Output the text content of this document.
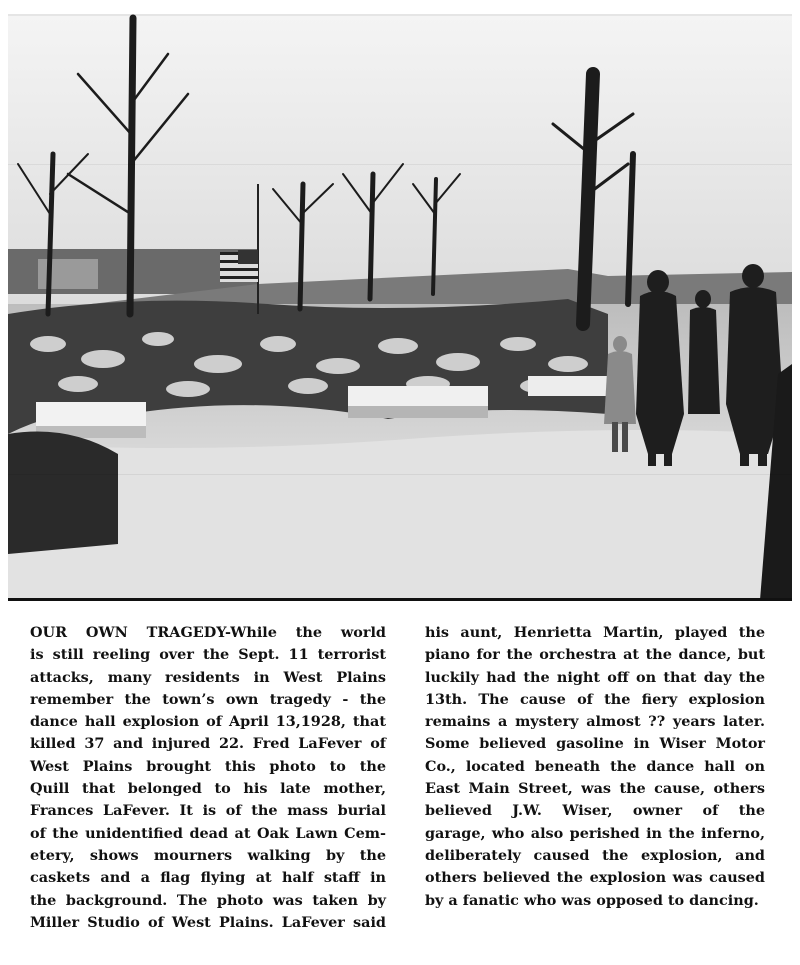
OUR OWN TRAGEDY-While the world
is still reeling over the Sept. 11 terrorist
attacks, many residents in West Plains
remember the town’s own tragedy - the
dance hall explosion of April 13,1928, that
killed 37 and injured 22. Fred LaFever of
West Plains brought this photo to the
Quill that belonged to his late mother,
Frances LaFever. It is of the mass burial
of the unidentified dead at Oak Lawn Cem-
etery, shows mourners walking by the
caskets and a flag flying at half staff in
the background. The photo was taken by
Miller Studio of West Plains. LaFever said

his aunt, Henrietta Martin, played the
piano for the orchestra at the dance, but
luckily had the night off on that day the
13th. The cause of the fiery explosion
remains a mystery almost ?? years later.
Some believed gasoline in Wiser Motor
Co., located beneath the dance hall on
East Main Street, was the cause, others
believed J.W. Wiser, owner of the
garage, who also perished in the inferno,
deliberately caused the explosion, and
others believed the explosion was caused
by a fanatic who was opposed to dancing.
